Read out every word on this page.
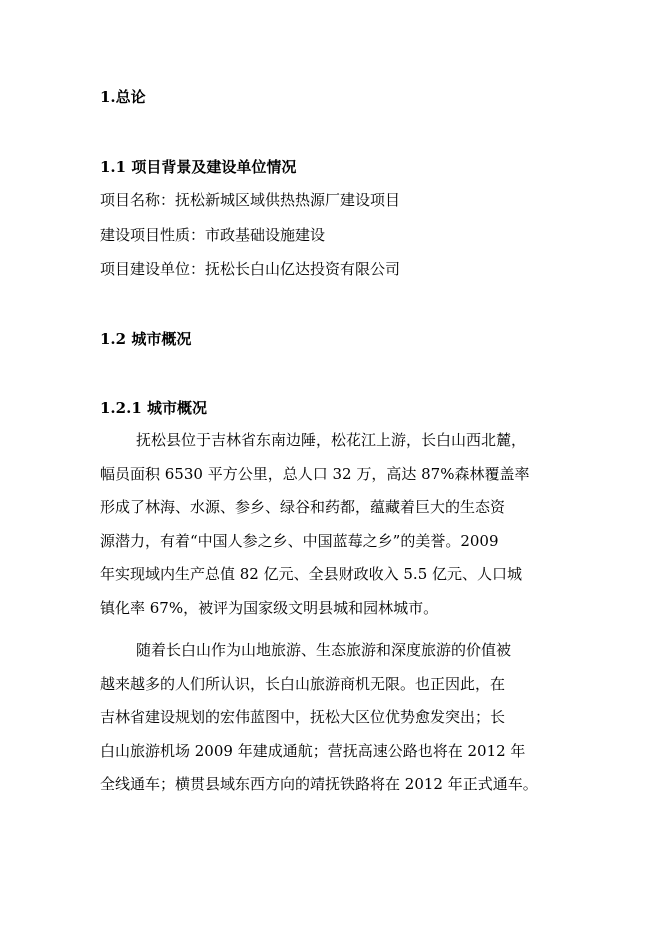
1.总论
1.1 项目背景及建设单位情况
项目名称：抚松新城区域供热热源厂建设项目
建设项目性质：市政基础设施建设
项目建设单位：抚松长白山亿达投资有限公司
1.2 城市概况
1.2.1 城市概况
抚松县位于吉林省东南边陲，松花江上游，长白山西北麓，
幅员面积 6530 平方公里，总人口 32 万，高达 87%森林覆盖率
形成了林海、水源、参乡、绿谷和药都，蕴藏着巨大的生态资
源潜力，有着“中国人参之乡、中国蓝莓之乡”的美誉。2009
年实现域内生产总值 82 亿元、全县财政收入 5.5 亿元、人口城
镇化率 67%，被评为国家级文明县城和园林城市。
随着长白山作为山地旅游、生态旅游和深度旅游的价值被
越来越多的人们所认识，长白山旅游商机无限。也正因此，在
吉林省建设规划的宏伟蓝图中，抚松大区位优势愈发突出；长
白山旅游机场 2009 年建成通航；营抚高速公路也将在 2012 年
全线通车；横贯县域东西方向的靖抚铁路将在 2012 年正式通车。
